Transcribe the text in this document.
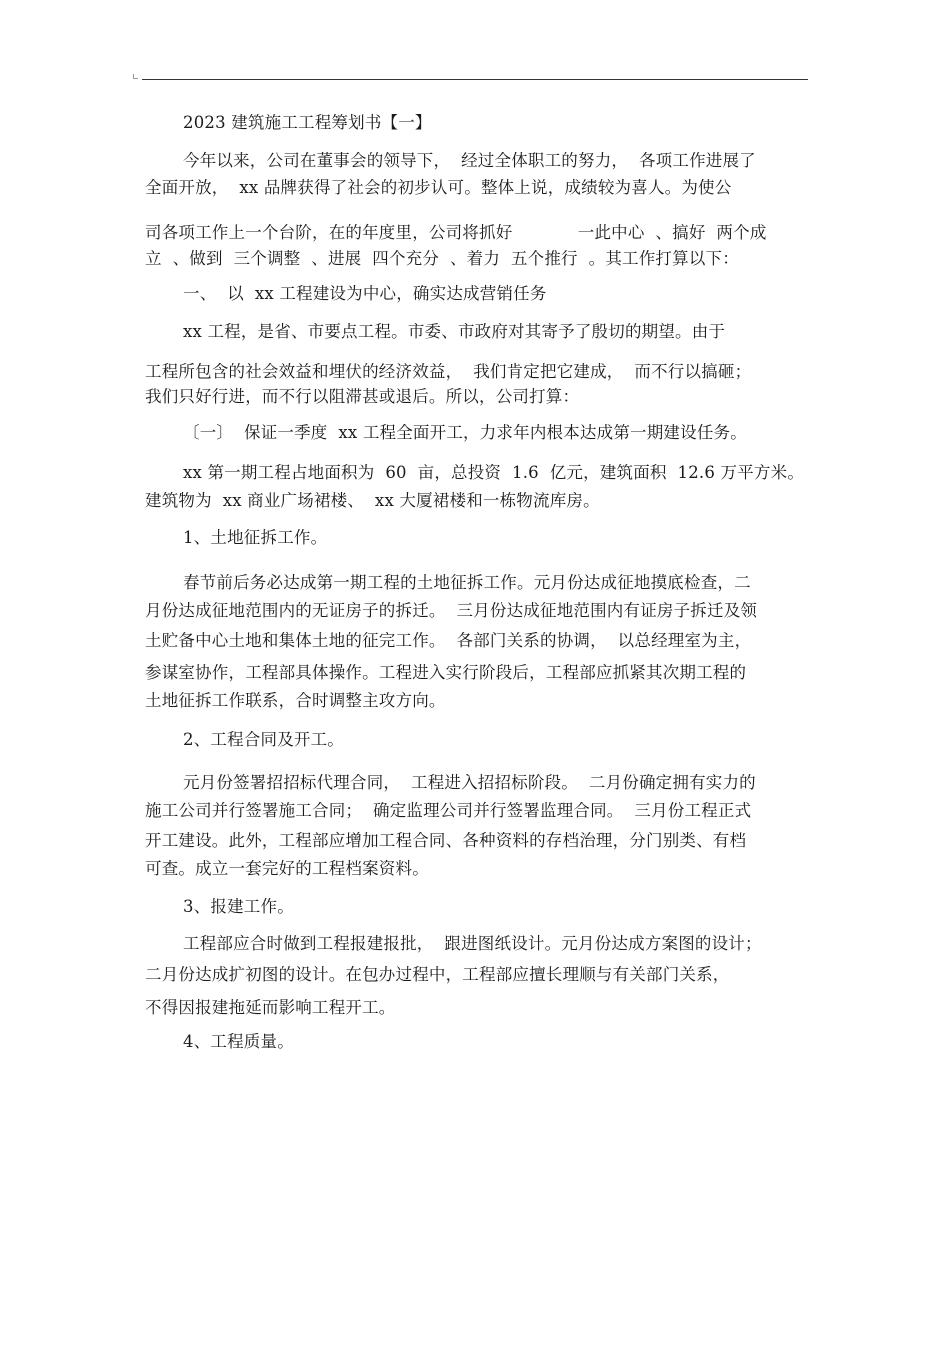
2023 建筑施工工程筹划书【一】
今年以来，公司在董事会的领导下，  经过全体职工的努力，  各项工作进展了
全面开放，  xx 品牌获得了社会的初步认可。整体上说，成绩较为喜人。为使公
司各项工作上一个台阶，在的年度里，公司将抓好            一此中心  、搞好  两个成
立  、做到  三个调整  、进展  四个充分  、着力  五个推行  。其工作打算以下：
一、  以  xx 工程建设为中心，确实达成营销任务
xx 工程，是省、市要点工程。市委、市政府对其寄予了殷切的期望。由于
工程所包含的社会效益和埋伏的经济效益，  我们肯定把它建成，  而不行以搞砸；
我们只好行进，而不行以阻滞甚或退后。所以，公司打算：
〔一〕  保证一季度  xx 工程全面开工，力求年内根本达成第一期建设任务。
xx 第一期工程占地面积为  60  亩，总投资  1.6  亿元，建筑面积  12.6 万平方米。
建筑物为  xx 商业广场裙楼、  xx 大厦裙楼和一栋物流库房。
1、土地征拆工作。
春节前后务必达成第一期工程的土地征拆工作。元月份达成征地摸底检查，二
月份达成征地范围内的无证房子的拆迁。  三月份达成征地范围内有证房子拆迁及领
土贮备中心土地和集体土地的征完工作。  各部门关系的协调，  以总经理室为主，
参谋室协作，工程部具体操作。工程进入实行阶段后，工程部应抓紧其次期工程的
土地征拆工作联系，合时调整主攻方向。
2、工程合同及开工。
元月份签署招招标代理合同，  工程进入招招标阶段。  二月份确定拥有实力的
施工公司并行签署施工合同；  确定监理公司并行签署监理合同。  三月份工程正式
开工建设。此外，工程部应增加工程合同、各种资料的存档治理，分门别类、有档
可查。成立一套完好的工程档案资料。
3、报建工作。
工程部应合时做到工程报建报批，  跟进图纸设计。元月份达成方案图的设计；
二月份达成扩初图的设计。在包办过程中，工程部应擅长理顺与有关部门关系，
不得因报建拖延而影响工程开工。
4、工程质量。
